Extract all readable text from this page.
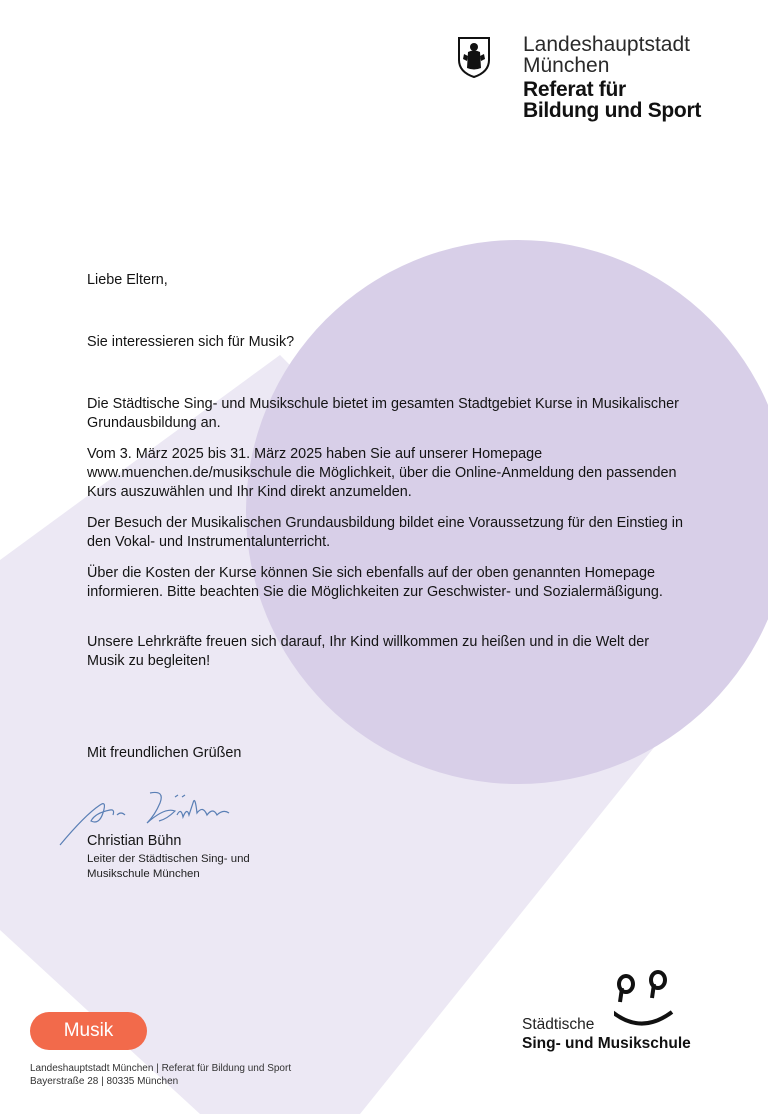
Landeshauptstadt
München
Referat für
Bildung und Sport

Liebe Eltern,

Sie interessieren sich für Musik?

Die Städtische Sing- und Musikschule bietet im gesamten Stadtgebiet Kurse in Musikalischer Grundausbildung an.

Vom 3. März 2025 bis 31. März 2025 haben Sie auf unserer Homepage www.muenchen.de/musikschule die Möglichkeit, über die Online-Anmeldung den passenden Kurs auszuwählen und Ihr Kind direkt anzumelden.

Der Besuch der Musikalischen Grundausbildung bildet eine Voraussetzung für den Einstieg in den Vokal- und Instrumentalunterricht.

Über die Kosten der Kurse können Sie sich ebenfalls auf der oben genannten Homepage informieren. Bitte beachten Sie die Möglichkeiten zur Geschwister- und Sozialermäßigung.

Unsere Lehrkräfte freuen sich darauf, Ihr Kind willkommen zu heißen und in die Welt der Musik zu begleiten!

Mit freundlichen Grüßen

Christian Bühn
Leiter der Städtischen Sing- und
Musikschule München
Musik
Landeshauptstadt München | Referat für Bildung und Sport
Bayerstraße 28 | 80335 München
Städtische
Sing- und Musikschule
